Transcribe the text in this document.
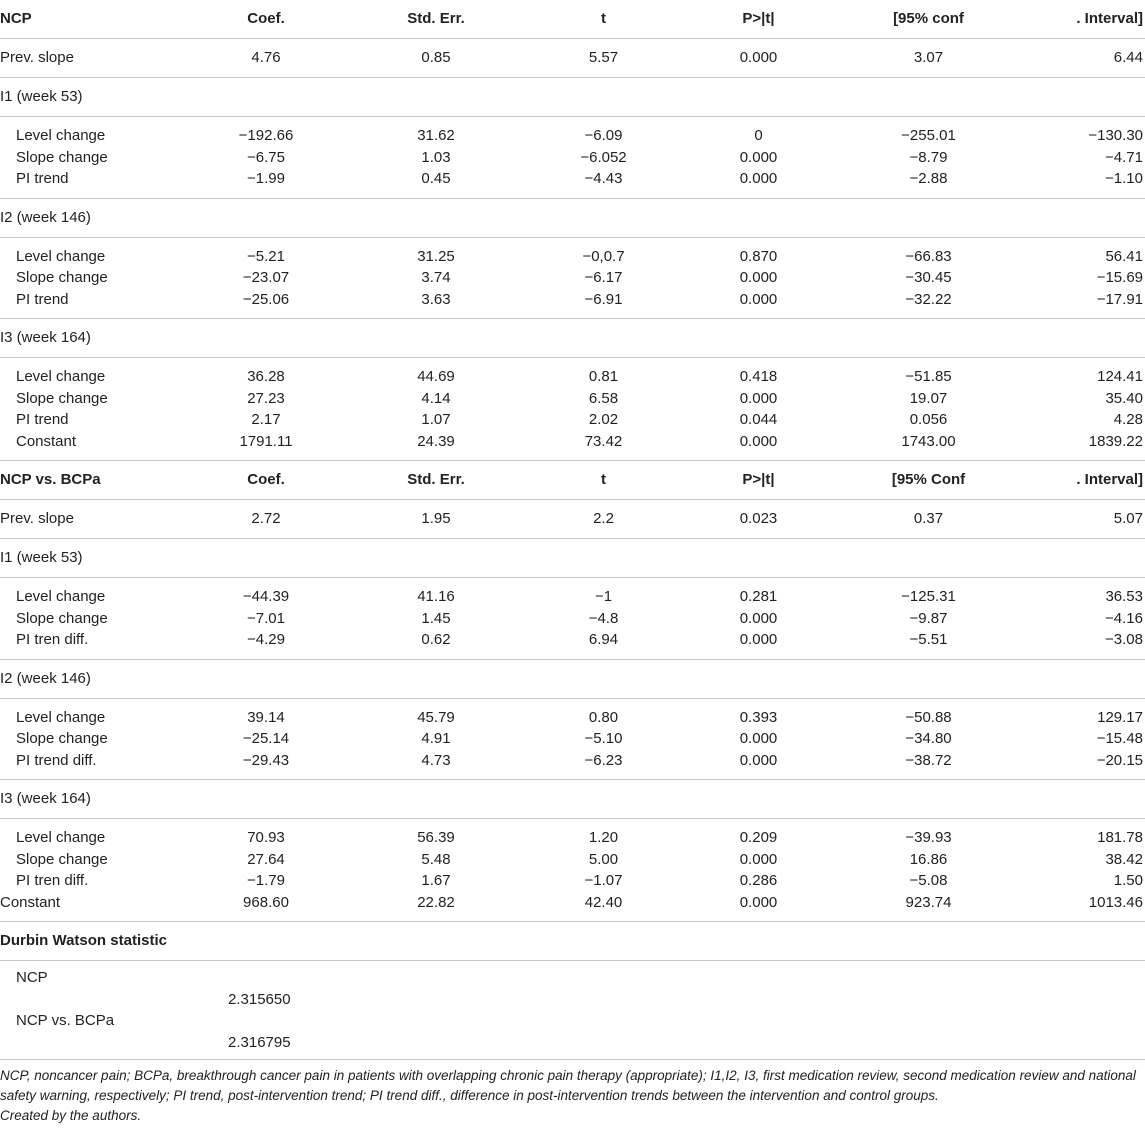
NCP	Coef.	Std. Err.	t	P>|t|	[95% conf	. Interval]
Prev. slope	4.76	0.85	5.57	0.000	3.07	6.44
I1 (week 53)						
Level change	−192.66	31.62	−6.09	0	−255.01	−130.30
Slope change	−6.75	1.03	−6.052	0.000	−8.79	−4.71
PI trend	−1.99	0.45	−4.43	0.000	−2.88	−1.10
I2 (week 146)						
Level change	−5.21	31.25	−0,0.7	0.870	−66.83	56.41
Slope change	−23.07	3.74	−6.17	0.000	−30.45	−15.69
PI trend	−25.06	3.63	−6.91	0.000	−32.22	−17.91
I3 (week 164)						
Level change	36.28	44.69	0.81	0.418	−51.85	124.41
Slope change	27.23	4.14	6.58	0.000	19.07	35.40
PI trend	2.17	1.07	2.02	0.044	0.056	4.28
Constant	1791.11	24.39	73.42	0.000	1743.00	1839.22
NCP vs. BCPa	Coef.	Std. Err.	t	P>|t|	[95% Conf	. Interval]
Prev. slope	2.72	1.95	2.2	0.023	0.37	5.07
I1 (week 53)						
Level change	−44.39	41.16	−1	0.281	−125.31	36.53
Slope change	−7.01	1.45	−4.8	0.000	−9.87	−4.16
PI tren diff.	−4.29	0.62	6.94	0.000	−5.51	−3.08
I2 (week 146)						
Level change	39.14	45.79	0.80	0.393	−50.88	129.17
Slope change	−25.14	4.91	−5.10	0.000	−34.80	−15.48
PI trend diff.	−29.43	4.73	−6.23	0.000	−38.72	−20.15
I3 (week 164)						
Level change	70.93	56.39	1.20	0.209	−39.93	181.78
Slope change	27.64	5.48	5.00	0.000	16.86	38.42
PI tren diff.	−1.79	1.67	−1.07	0.286	−5.08	1.50
Constant	968.60	22.82	42.40	0.000	923.74	1013.46
Durbin Watson statistic
NCP
2.315650
NCP vs. BCPa
2.316795
NCP, noncancer pain; BCPa, breakthrough cancer pain in patients with overlapping chronic pain therapy (appropriate); I1,I2, I3, first medication review, second medication review and national safety warning, respectively; PI trend, post-intervention trend; PI trend diff., difference in post-intervention trends between the intervention and control groups.
Created by the authors.
